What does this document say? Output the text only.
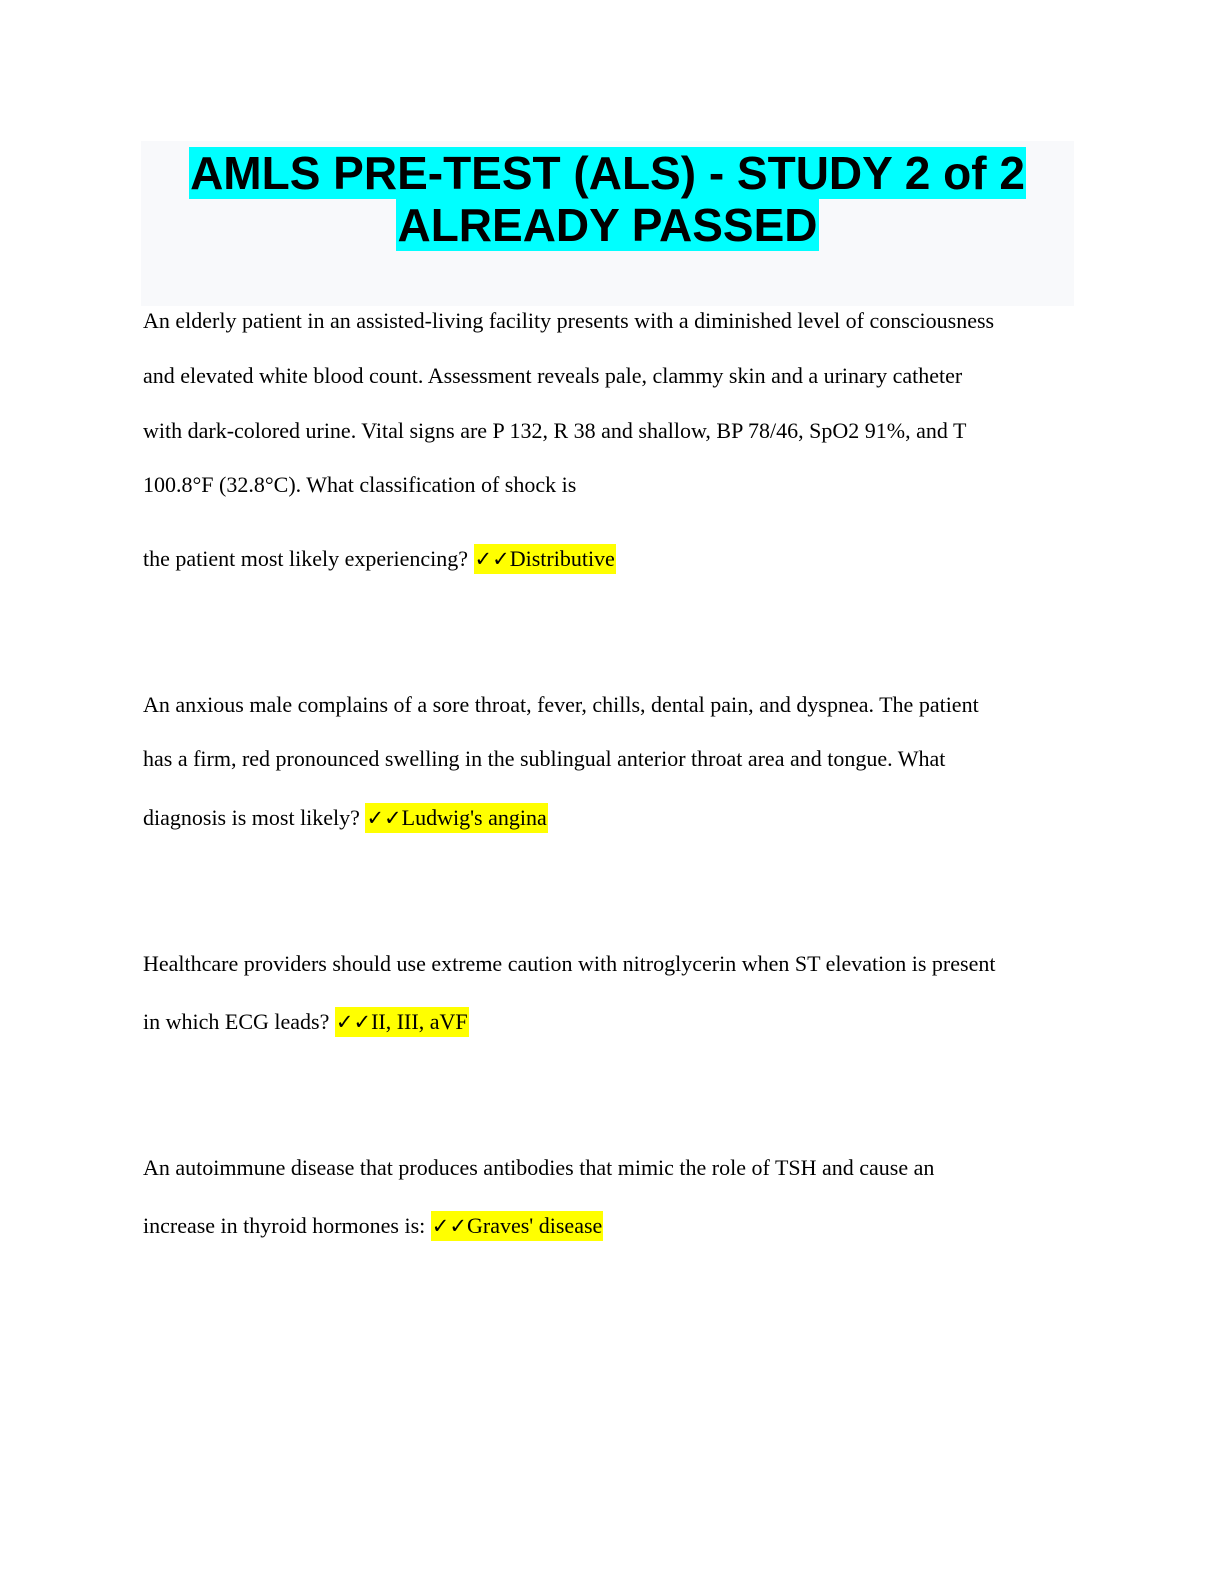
AMLS PRE-TEST (ALS) - STUDY 2 of 2
ALREADY PASSED
An elderly patient in an assisted-living facility presents with a diminished level of consciousness
and elevated white blood count. Assessment reveals pale, clammy skin and a urinary catheter
with dark-colored urine. Vital signs are P 132, R 38 and shallow, BP 78/46, SpO2 91%, and T
100.8°F (32.8°C). What classification of shock is
the patient most likely experiencing? ✓✓Distributive
An anxious male complains of a sore throat, fever, chills, dental pain, and dyspnea. The patient
has a firm, red pronounced swelling in the sublingual anterior throat area and tongue. What
diagnosis is most likely? ✓✓Ludwig's angina
Healthcare providers should use extreme caution with nitroglycerin when ST elevation is present
in which ECG leads? ✓✓II, III, aVF
An autoimmune disease that produces antibodies that mimic the role of TSH and cause an
increase in thyroid hormones is: ✓✓Graves' disease
